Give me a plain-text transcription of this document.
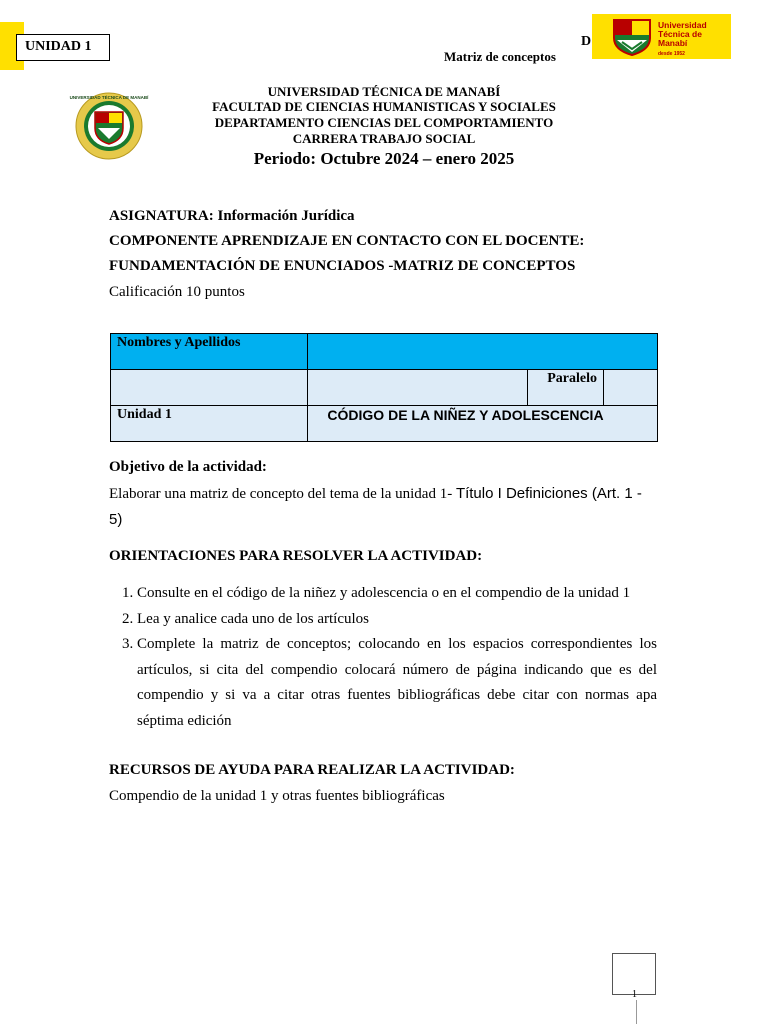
UNIDAD 1	D
Matriz de conceptos
Universidad
Técnica de
Manabí
desde 1952
UNIVERSIDAD TÉCNICA DE MANABÍ	UNIVERSIDAD TÉCNICA DE MANABÍ
FACULTAD DE CIENCIAS HUMANISTICAS Y SOCIALES
DEPARTAMENTO CIENCIAS DEL COMPORTAMIENTO
CARRERA TRABAJO SOCIAL
Periodo: Octubre 2024 – enero 2025
ASIGNATURA: Información Jurídica
COMPONENTE APRENDIZAJE EN CONTACTO CON EL DOCENTE:
FUNDAMENTACIÓN DE ENUNCIADOS -MATRIZ DE CONCEPTOS
Calificación 10 puntos
Nombres y Apellidos		

		Paralelo

Unidad 1	CÓDIGO DE LA NIÑEZ Y ADOLESCENCIA	
Objetivo de la actividad:
Elaborar una matriz de concepto del tema de la unidad 1- Título I Definiciones (Art. 1 - 5)
ORIENTACIONES PARA RESOLVER LA ACTIVIDAD:
1. Consulte en el código de la niñez y adolescencia o en el compendio de la unidad 1
2. Lea y analice cada uno de los artículos
3. Complete la matriz de conceptos; colocando en los espacios correspondientes los artículos, si cita del compendio colocará número de página indicando que es del compendio y si va a citar otras fuentes bibliográficas debe citar con normas apa séptima edición
RECURSOS DE AYUDA PARA REALIZAR LA ACTIVIDAD:
Compendio de la unidad 1 y otras fuentes bibliográficas
1
